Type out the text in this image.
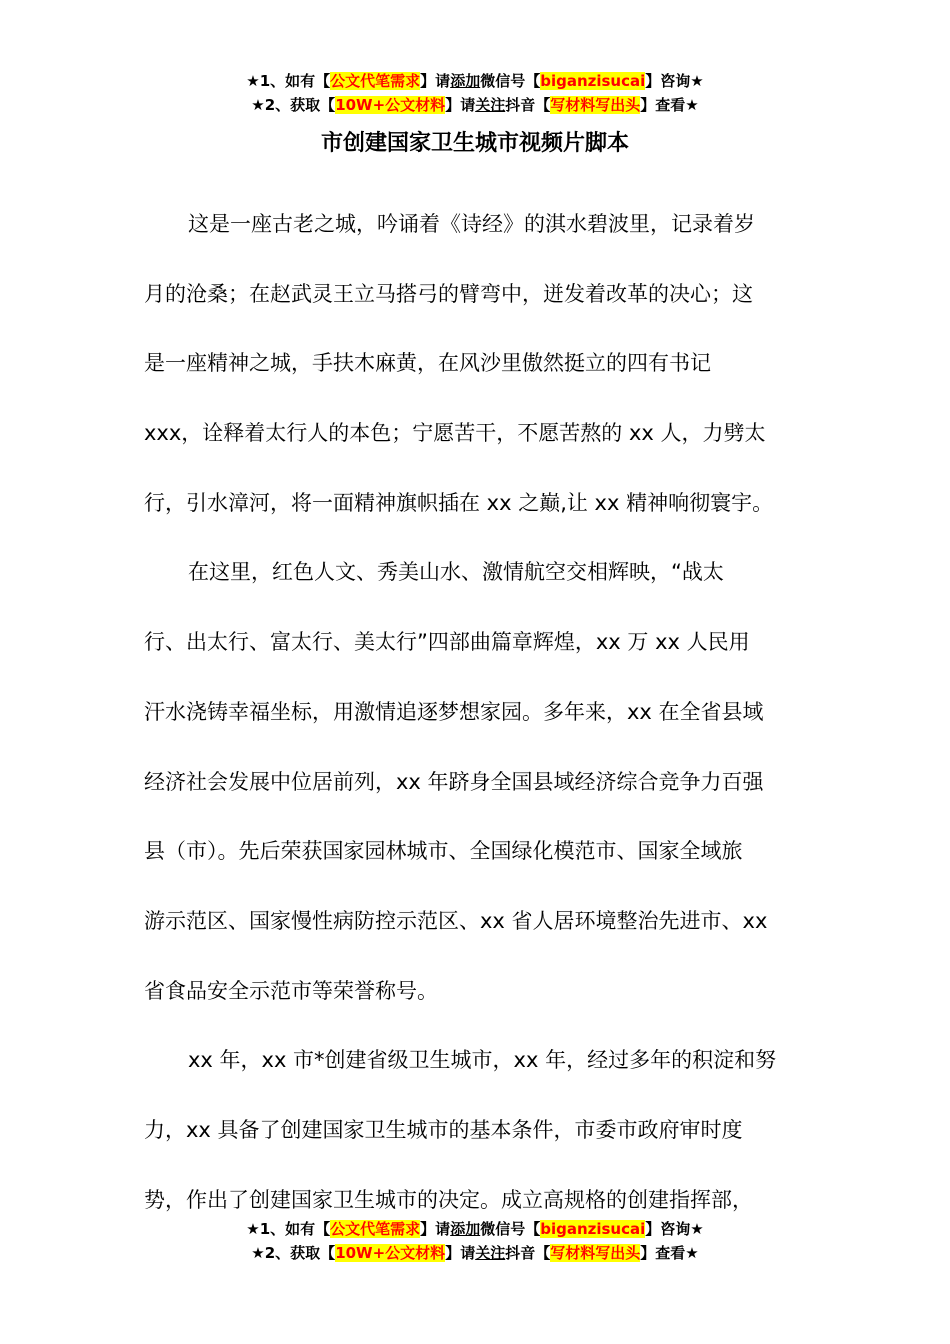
★1、如有【公文代笔需求】请添加微信号【biganzisucai】咨询★
★2、获取【10W+公文材料】请关注抖音【写材料写出头】查看★
市创建国家卫生城市视频片脚本
这是一座古老之城，吟诵着《诗经》的淇水碧波里，记录着岁
月的沧桑；在赵武灵王立马搭弓的臂弯中，迸发着改革的决心；这
是一座精神之城，手扶木麻黄，在风沙里傲然挺立的四有书记
xxx，诠释着太行人的本色；宁愿苦干，不愿苦熬的 xx 人，力劈太
行，引水漳河，将一面精神旗帜插在 xx 之巅,让 xx 精神响彻寰宇。
在这里，红色人文、秀美山水、激情航空交相辉映，“战太
行、出太行、富太行、美太行”四部曲篇章辉煌，xx 万 xx 人民用
汗水浇铸幸福坐标，用激情追逐梦想家园。多年来，xx 在全省县域
经济社会发展中位居前列，xx 年跻身全国县域经济综合竞争力百强
县（市）。先后荣获国家园林城市、全国绿化模范市、国家全域旅
游示范区、国家慢性病防控示范区、xx 省人居环境整治先进市、xx
省食品安全示范市等荣誉称号。
xx 年，xx 市*创建省级卫生城市，xx 年，经过多年的积淀和努
力，xx 具备了创建国家卫生城市的基本条件，市委市政府审时度
势，作出了创建国家卫生城市的决定。成立高规格的创建指挥部，
★1、如有【公文代笔需求】请添加微信号【biganzisucai】咨询★
★2、获取【10W+公文材料】请关注抖音【写材料写出头】查看★
